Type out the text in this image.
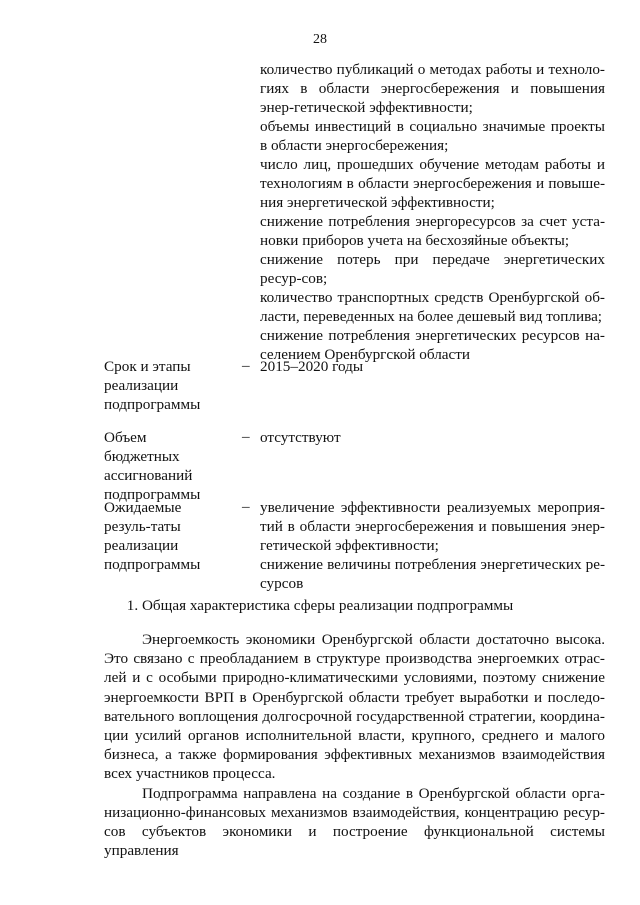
28

количество публикаций о методах работы и техноло-гиях в области энергосбережения и повышения энер-гетической эффективности;

объемы инвестиций в социально значимые проекты в области энергосбережения;

число лиц, прошедших обучение методам работы и технологиям в области энергосбережения и повыше-ния энергетической эффективности;

снижение потребления энергоресурсов за счет уста-новки приборов учета на бесхозяйные объекты;

снижение потерь при передаче энергетических ресур-сов;

количество транспортных средств Оренбургской об-ласти, переведенных на более дешевый вид топлива;

снижение потребления энергетических ресурсов на-селением Оренбургской области

Срок и этапы реализации подпрограммы
– 2015–2020 годы

Объем бюджетных ассигнований подпрограммы
– отсутствуют

Ожидаемые резуль-таты реализации подпрограммы
– увеличение эффективности реализуемых мероприя-тий в области энергосбережения и повышения энер-гетической эффективности;

снижение величины потребления энергетических ре-сурсов

1. Общая характеристика сферы реализации подпрограммы

Энергоемкость экономики Оренбургской области достаточно высока. Это связано с преобладанием в структуре производства энергоемких отрас-лей и с особыми природно-климатическими условиями, поэтому снижение энергоемкости ВРП в Оренбургской области требует выработки и последо-вательного воплощения долгосрочной государственной стратегии, координа-ции усилий органов исполнительной власти, крупного, среднего и малого бизнеса, а также формирования эффективных механизмов взаимодействия всех участников процесса.

Подпрограмма направлена на создание в Оренбургской области орга-низационно-финансовых механизмов взаимодействия, концентрацию ресур-сов субъектов экономики и построение функциональной системы управления
